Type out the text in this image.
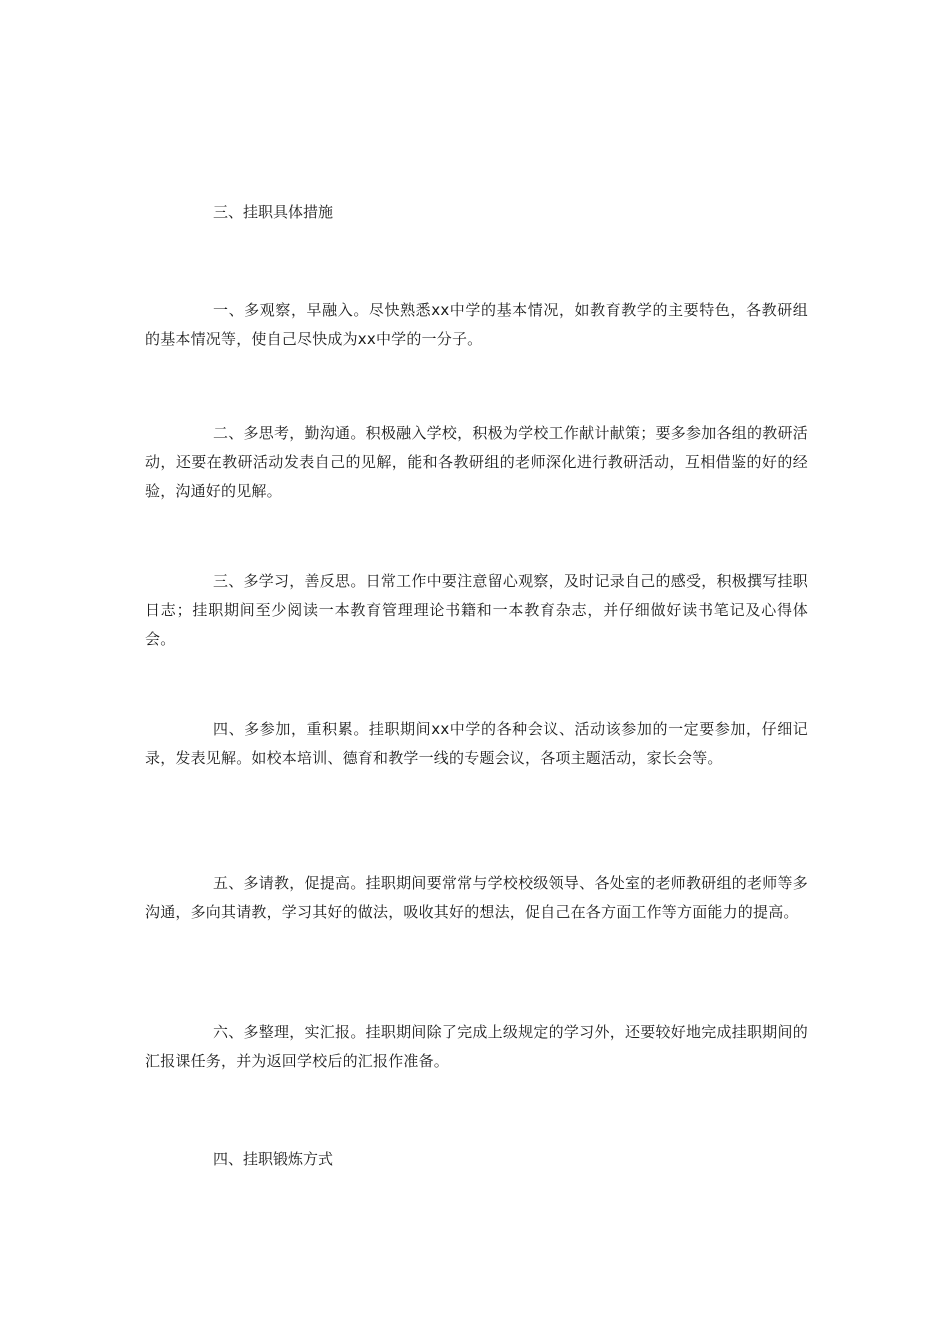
三、挂职具体措施
一、多观察，早融入。尽快熟悉xx中学的基本情况，如教育教学的主要特色，各教研组的基本情况等，使自己尽快成为xx中学的一分子。
二、多思考，勤沟通。积极融入学校，积极为学校工作献计献策；要多参加各组的教研活动，还要在教研活动发表自己的见解，能和各教研组的老师深化进行教研活动，互相借鉴的好的经验，沟通好的见解。
三、多学习，善反思。日常工作中要注意留心观察，及时记录自己的感受，积极撰写挂职日志；挂职期间至少阅读一本教育管理理论书籍和一本教育杂志，并仔细做好读书笔记及心得体会。
四、多参加，重积累。挂职期间xx中学的各种会议、活动该参加的一定要参加，仔细记录，发表见解。如校本培训、德育和教学一线的专题会议，各项主题活动，家长会等。
五、多请教，促提高。挂职期间要常常与学校校级领导、各处室的老师教研组的老师等多沟通，多向其请教，学习其好的做法，吸收其好的想法，促自己在各方面工作等方面能力的提高。
六、多整理，实汇报。挂职期间除了完成上级规定的学习外，还要较好地完成挂职期间的汇报课任务，并为返回学校后的汇报作准备。
四、挂职锻炼方式
